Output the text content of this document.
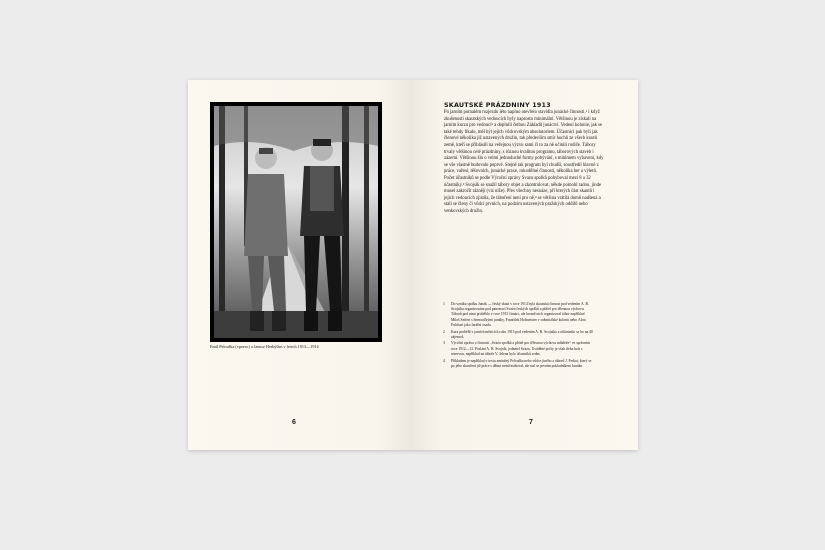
Emil Pelouška (vpravo) a Janusz Herbýšim v letech 1913—1914
6
SKAUTSKÉ PRÁZDNINY 1913
Po jarním pomalém rozjezdu léto naplno otevřelo stavidla junácké činnosti,¹ i když zkušenosti skautských vedoucích byly naprosto minimální. Většinou je získali na jarním kurzu pro vedoucí² a doplnili četbou Základů junáctví. Vedení kolonie, jak se také tehdy říkalo, měl být jejich vůdcovským absolutoriem. Účastníci pak byli jak členové několika již ustavených družin, tak především smír hochů ze všech koutů země, kteří se přihlásili na veřejnou výzvu sami či to za ně učinili rodiče. Tábory trvaly většinou celé prázdniny, s různou kvalitou programu, táborových staveb i zázemí. Většinou šlo o velmi jednoduché formy pobývání, s minimem vybavení, kdy se vše vlastně budovalo poprvé. Stejně tak program byl chudší, soustředil hlavně z práce, vaření, těšovních, junácké praxe, rukodělné činnosti, několika her a výletů. Počet účastníků se podle Výroční zprávy Svazu spolků pohyboval mezi 8 a 32 účastníky.³ Svojsík se snažil tábory objet a zkontrolovat, někde pomohl radou, jinde musel zakročit rázněji (viz níže). Přes všechny nesnáze, při kterých část skautů i jejich vedoucích zjistila, že táboření není pro ně,⁴ se většina vrátila domů nadšená a stali se členy či vůdci prvních, na podzim ustavených pražských oddílů nebo venkovských družin.
1	Do vzniku spolku Junák — český skaut v roce 1914 byla skautská činnost pod vedením A. B. Svojsíka organizována pod patronací Svazu českých spolků a přátel pro tělesnou výchovu. Táborů pod nimi proběhlo v roce 1913 čtrnáct, ale kromě nich organizoval tábor například Miloš Seifert s bernoučkými junáky, František Hofmeister v rožmitálské kolonii nebo Alois Pulchart jako farářní osada.
2	Kurz proběhl v jarních měsících roku 1913 pod vedením A. B. Svojsíka a zúčastnilo se ho na 40 zájemců.
3	Výroční zpráva o činnosti „Svazu spolků a přátel pro tělesnou výchovu mládeže“ ve správním roce 1912—13. Poslání A. B. Svojsík, jednatel Svazu. Uváděné počty je však třeba brát s rezervou, například na táboře V. Jelena bylo účastníků sedm.
4	Příkladem je například v textu zmíněný Pelouška nebo vůdce jiného z táborů J. Fediot, který se po jeho skončení již práce s dětmi nezúčastňoval, ale stal se prvním pokladníkem Junáka.
7
